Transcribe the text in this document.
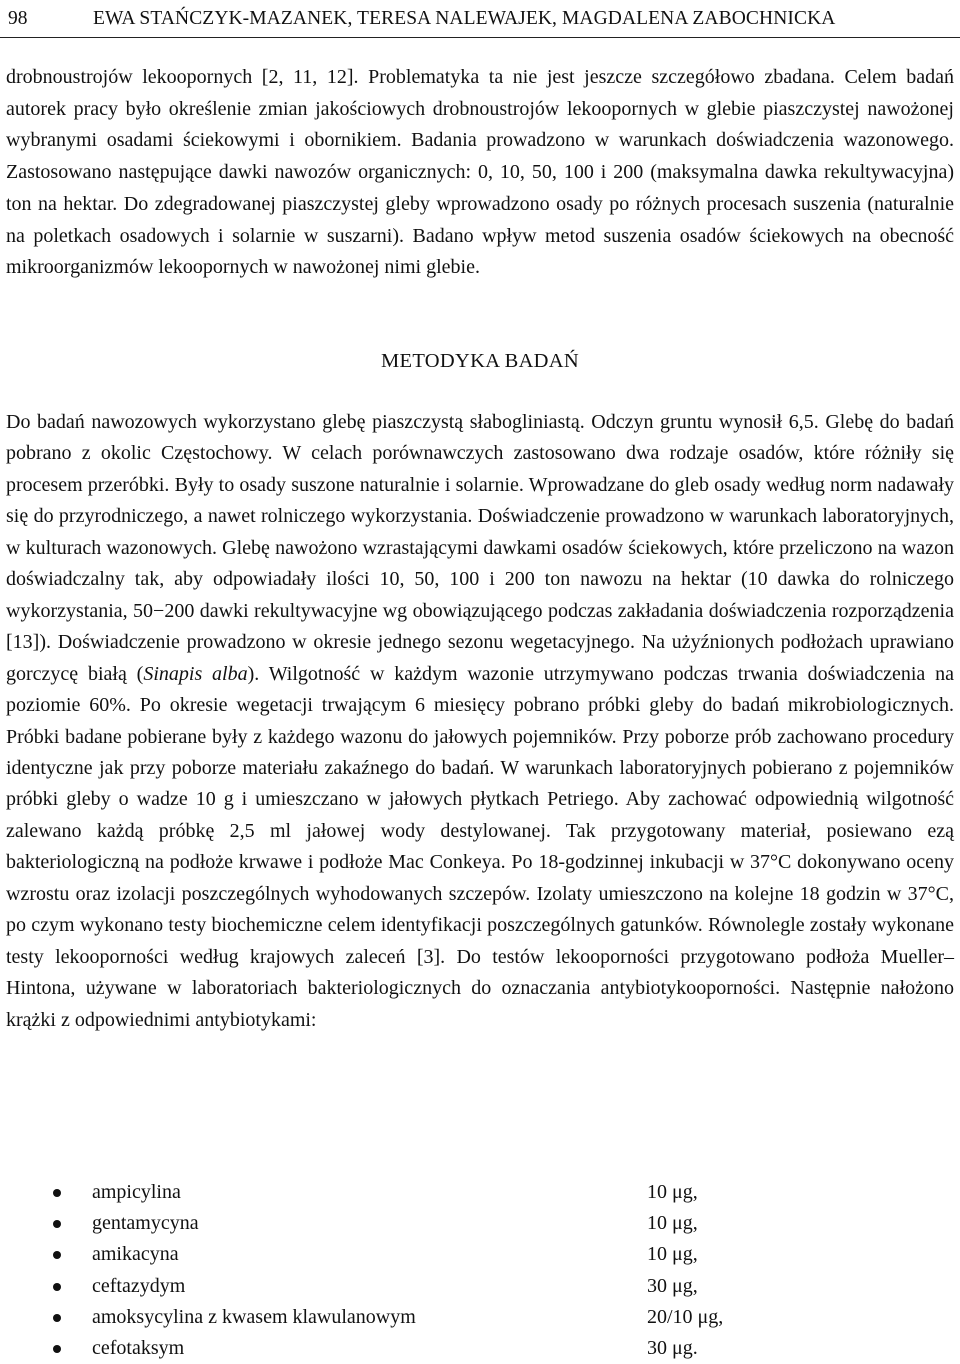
98	EWA STAŃCZYK-MAZANEK, TERESA NALEWAJEK, MAGDALENA ZABOCHNICKA

drobnoustrojów lekoopornych [2, 11, 12]. Problematyka ta nie jest jeszcze szczegółowo zbadana. Celem badań autorek pracy było określenie zmian jakościowych drobnoustrojów lekoopornych w glebie piaszczystej nawożonej wybranymi osadami ściekowymi i obornikiem. Badania prowadzono w warunkach doświadczenia wazonowego. Zastosowano następujące dawki nawozów organicznych: 0, 10, 50, 100 i 200 (maksymalna dawka rekultywacyjna) ton na hektar. Do zdegradowanej piaszczystej gleby wprowadzono osady po różnych procesach suszenia (naturalnie na poletkach osadowych i solarnie w suszarni). Badano wpływ metod suszenia osadów ściekowych na obecność mikroorganizmów lekoopornych w nawożonej nimi glebie.

METODYKA BADAŃ

Do badań nawozowych wykorzystano glebę piaszczystą słabogliniastą. Odczyn gruntu wynosił 6,5. Glebę do badań pobrano z okolic Częstochowy. W celach porównawczych zastosowano dwa rodzaje osadów, które różniły się procesem przeróbki. Były to osady suszone naturalnie i solarnie. Wprowadzane do gleb osady według norm nadawały się do przyrodniczego, a nawet rolniczego wykorzystania. Doświadczenie prowadzono w warunkach laboratoryjnych, w kulturach wazonowych. Glebę nawożono wzrastającymi dawkami osadów ściekowych, które przeliczono na wazon doświadczalny tak, aby odpowiadały ilości 10, 50, 100 i 200 ton nawozu na hektar (10 dawka do rolniczego wykorzystania, 50−200 dawki rekultywacyjne wg obowiązującego podczas zakładania doświadczenia rozporządzenia [13]). Doświadczenie prowadzono w okresie jednego sezonu wegetacyjnego. Na użyźnionych podłożach uprawiano gorczycę białą (Sinapis alba). Wilgotność w każdym wazonie utrzymywano podczas trwania doświadczenia na poziomie 60%. Po okresie wegetacji trwającym 6 miesięcy pobrano próbki gleby do badań mikrobiologicznych. Próbki badane pobierane były z każdego wazonu do jałowych pojemników. Przy poborze prób zachowano procedury identyczne jak przy poborze materiału zakaźnego do badań. W warunkach laboratoryjnych pobierano z pojemników próbki gleby o wadze 10 g i umieszczano w jałowych płytkach Petriego. Aby zachować odpowiednią wilgotność zalewano każdą próbkę 2,5 ml jałowej wody destylowanej. Tak przygotowany materiał, posiewano ezą bakteriologiczną na podłoże krwawe i podłoże Mac Conkeya. Po 18-godzinnej inkubacji w 37°C dokonywano oceny wzrostu oraz izolacji poszczególnych wyhodowanych szczepów. Izolaty umieszczono na kolejne 18 godzin w 37°C, po czym wykonano testy biochemiczne celem identyfikacji poszczególnych gatunków. Równolegle zostały wykonane testy lekooporności według krajowych zaleceń [3]. Do testów lekooporności przygotowano podłoża Mueller–Hintona, używane w laboratoriach bakteriologicznych do oznaczania antybiotykooporności. Następnie nałożono krążki z odpowiednimi antybiotykami:

ampicylina	10 μg,
gentamycyna	10 μg,
amikacyna	10 μg,
ceftazydym	30 μg,
amoksycylina z kwasem klawulanowym	20/10 μg,
cefotaksym	30 μg.
